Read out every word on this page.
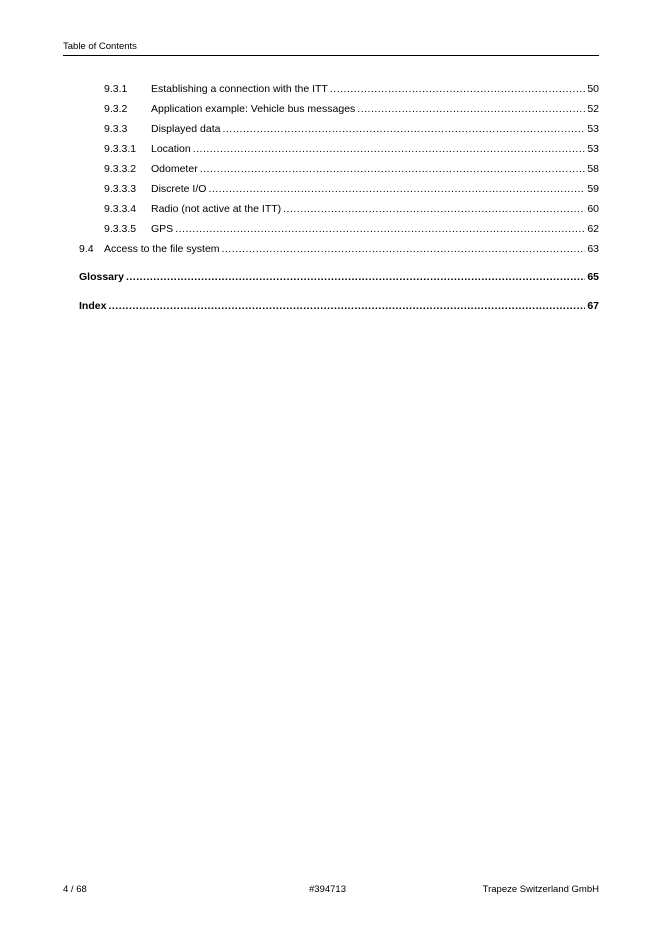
Table of Contents
9.3.1 Establishing a connection with the ITT .....	50
9.3.2 Application example: Vehicle bus messages .....	52
9.3.3 Displayed data .....	53
9.3.3.1 Location .....	53
9.3.3.2 Odometer .....	58
9.3.3.3 Discrete I/O .....	59
9.3.3.4 Radio (not active at the ITT) .....	60
9.3.3.5 GPS .....	62
9.4 Access to the file system .....	63
Glossary .....	65
Index .....	67
4 / 68	#394713	Trapeze Switzerland GmbH
